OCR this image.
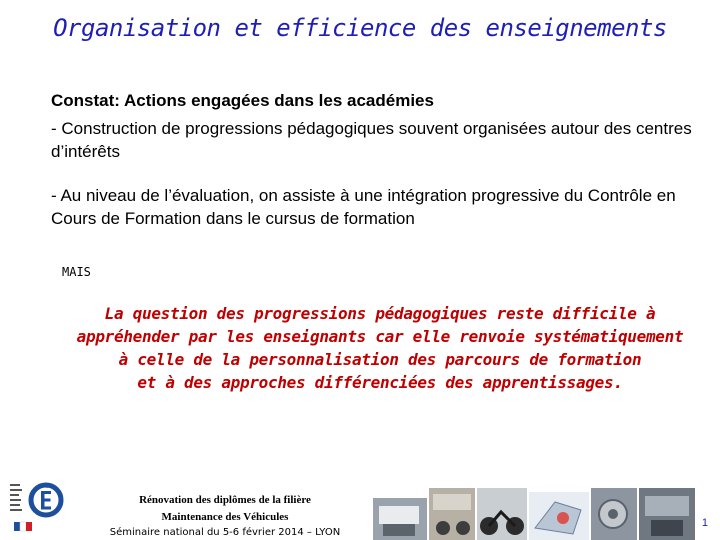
Organisation et efficience des enseignements
Constat: Actions engagées dans les académies
- Construction de progressions pédagogiques souvent organisées autour des centres d’intérêts
- Au niveau de l’évaluation, on assiste à une intégration progressive du Contrôle en Cours de Formation dans le cursus de formation
MAIS
La question des progressions pédagogiques reste difficile à
appréhender par les enseignants car elle renvoie systématiquement
à celle de la personnalisation des parcours de formation
et à des approches différenciées des apprentissages.
Rénovation des diplômes de la filière
Maintenance des Véhicules
Séminaire national du 5-6 février 2014 – LYON
1
